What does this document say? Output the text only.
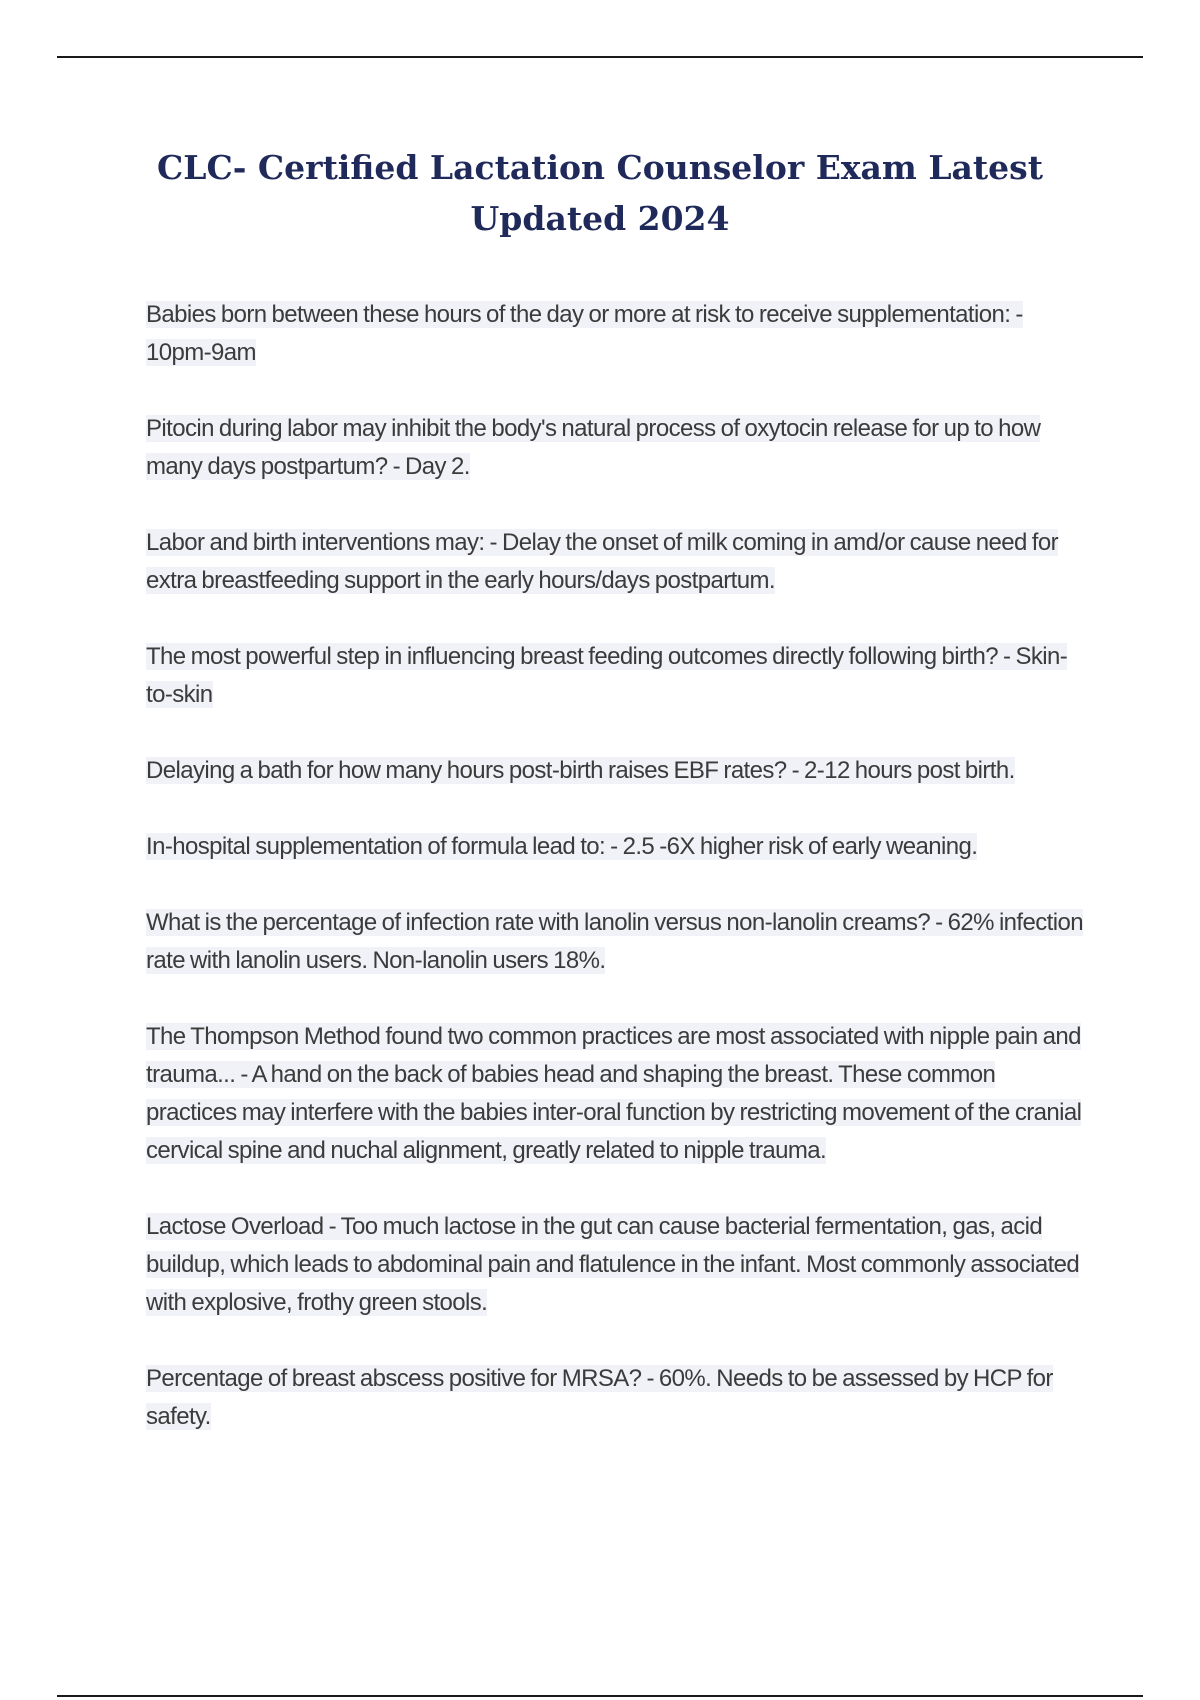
CLC- Certified Lactation Counselor Exam Latest Updated 2024
Babies born between these hours of the day or more at risk to receive supplementation: - 10pm-9am
Pitocin during labor may inhibit the body's natural process of oxytocin release for up to how many days postpartum? - Day 2.
Labor and birth interventions may: - Delay the onset of milk coming in amd/or cause need for extra breastfeeding support in the early hours/days postpartum.
The most powerful step in influencing breast feeding outcomes directly following birth? - Skin-to-skin
Delaying a bath for how many hours post-birth raises EBF rates? - 2-12 hours post birth.
In-hospital supplementation of formula lead to: - 2.5 -6X higher risk of early weaning.
What is the percentage of infection rate with lanolin versus non-lanolin creams? - 62% infection rate with lanolin users. Non-lanolin users 18%.
The Thompson Method found two common practices are most associated with nipple pain and trauma... - A hand on the back of babies head and shaping the breast. These common practices may interfere with the babies inter-oral function by restricting movement of the cranial cervical spine and nuchal alignment, greatly related to nipple trauma.
Lactose Overload - Too much lactose in the gut can cause bacterial fermentation, gas, acid buildup, which leads to abdominal pain and flatulence in the infant. Most commonly associated with explosive, frothy green stools.
Percentage of breast abscess positive for MRSA? - 60%. Needs to be assessed by HCP for safety.
